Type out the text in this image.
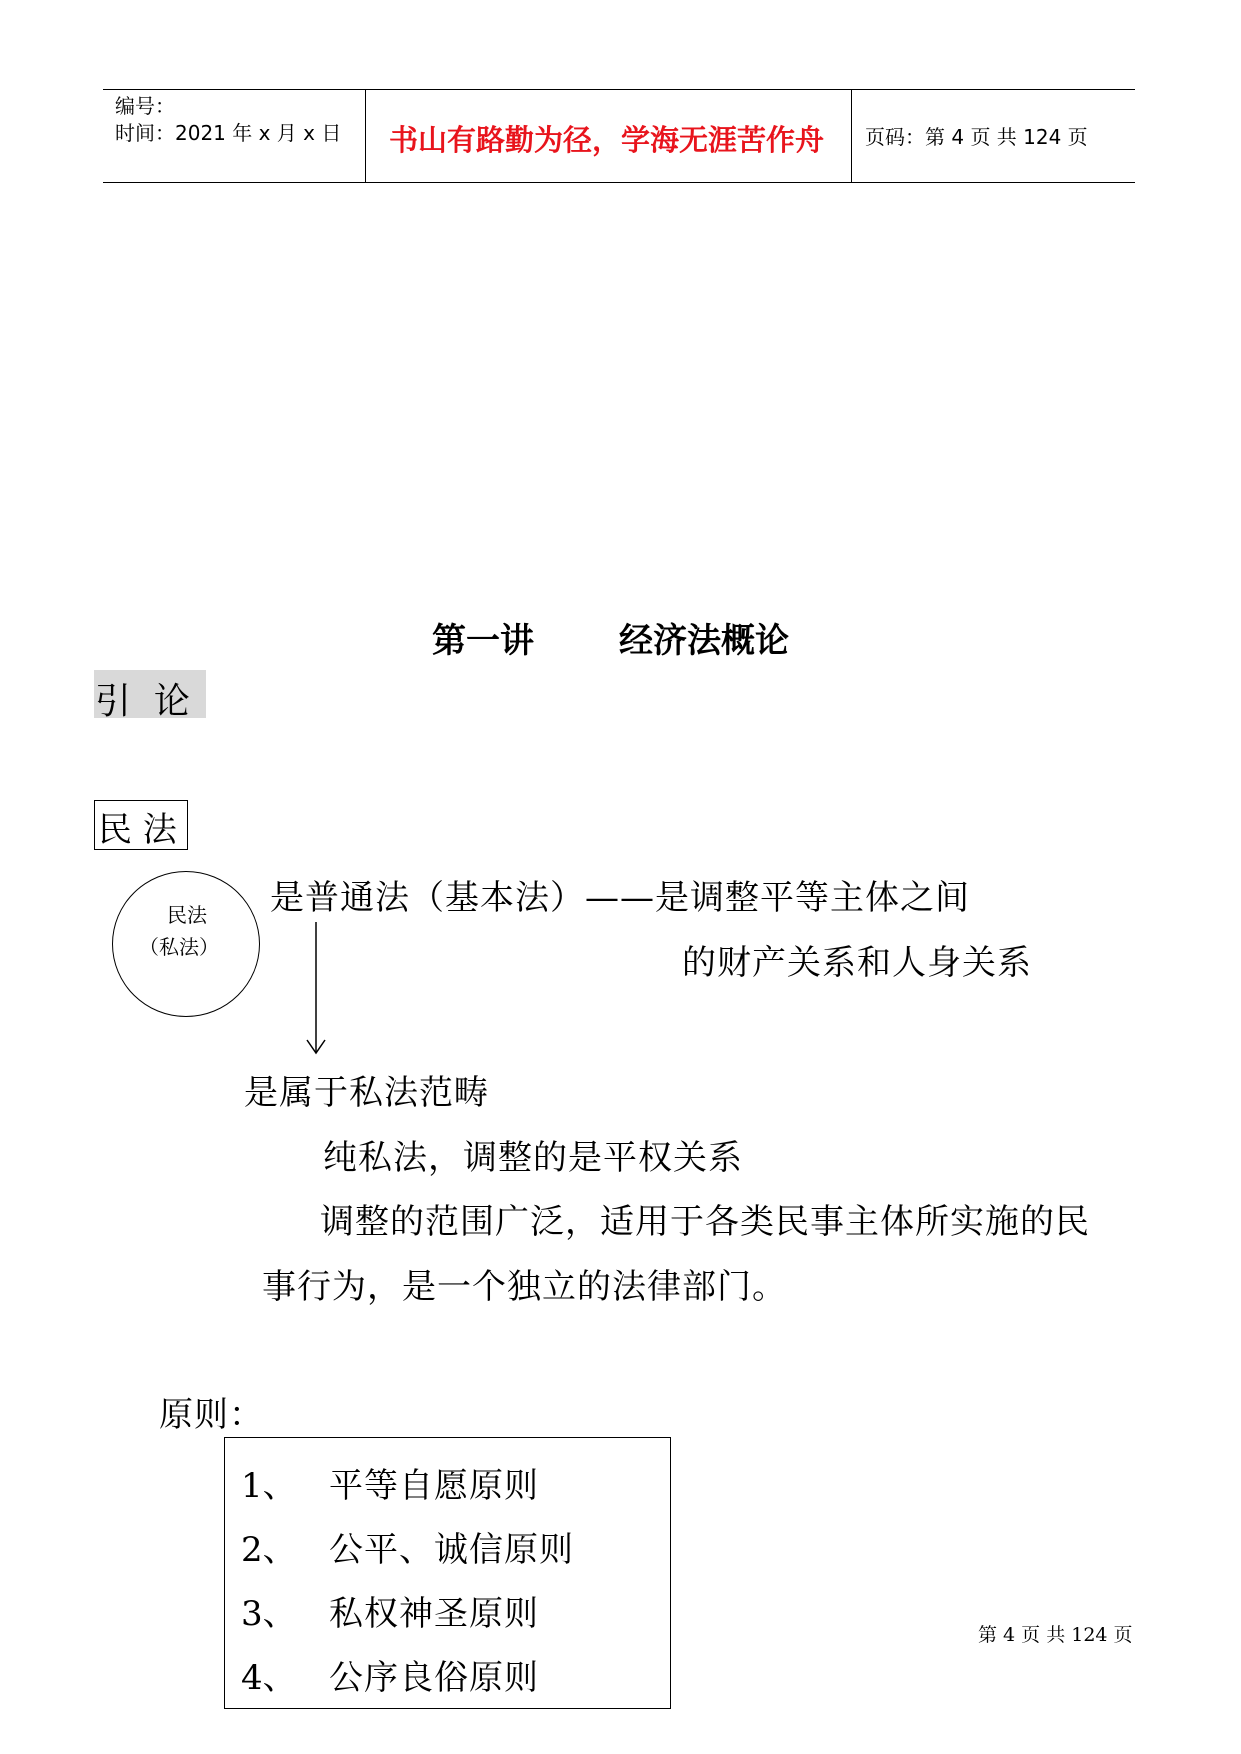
编号：
时间：2021 年 x 月 x 日 书山有路勤为径，学海无涯苦作舟 页码：第 4 页 共 124 页
第一讲	经济法概论
引  论
民 法
民法
（私法）
是普通法（基本法）——是调整平等主体之间
的财产关系和人身关系
是属于私法范畴
纯私法，调整的是平权关系
调整的范围广泛，适用于各类民事主体所实施的民
事行为，是一个独立的法律部门。
原则：
1、 平等自愿原则
2、 公平、诚信原则
3、 私权神圣原则
4、 公序良俗原则
第 4 页 共 124 页
